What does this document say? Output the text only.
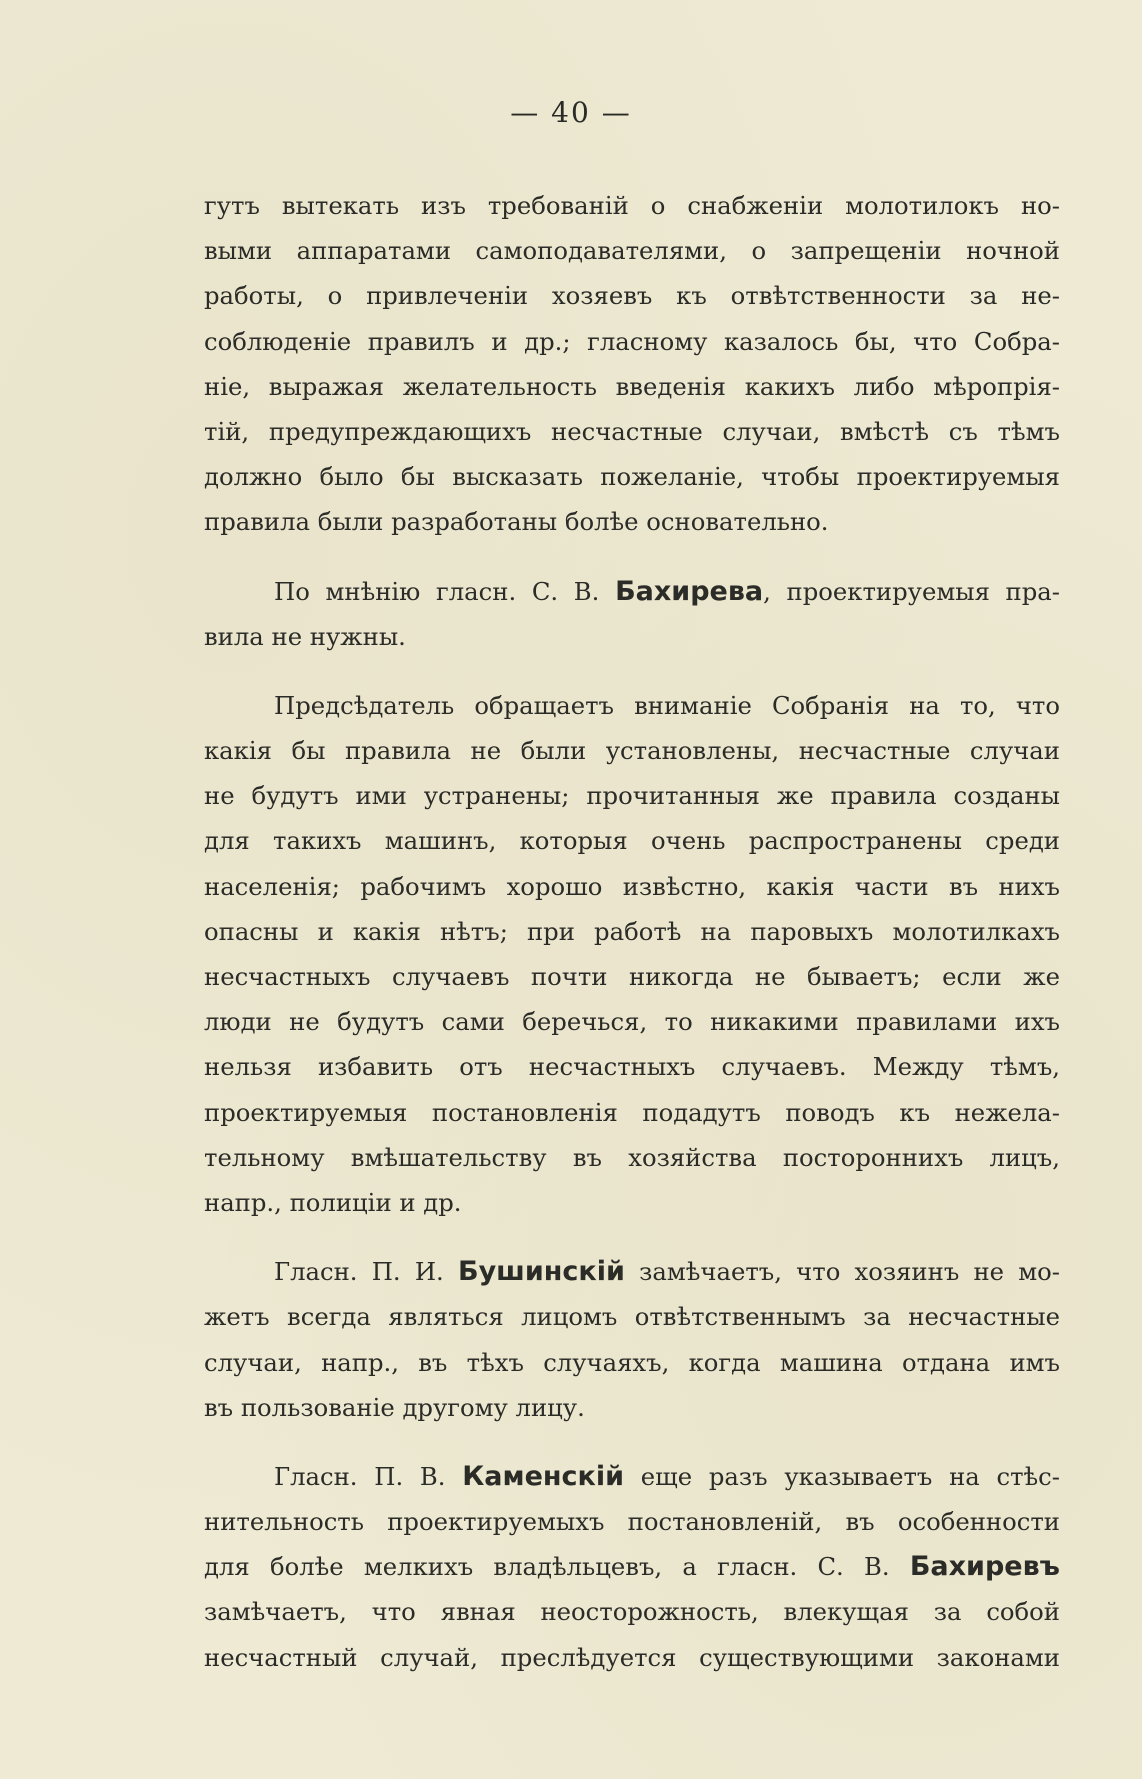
— 40 —
гутъ вытекать изъ требованій о снабженіи молотилокъ но-
выми аппаратами самоподавателями, о запрещеніи ночной
работы, о привлеченіи хозяевъ къ отвѣтственности за не-
соблюденіе правилъ и др.; гласному казалось бы, что Собра-
ніе, выражая желательность введенія какихъ либо мѣропрія-
тій, предупреждающихъ несчастные случаи, вмѣстѣ съ тѣмъ
должно было бы высказать пожеланіе, чтобы проектируемыя
правила были разработаны болѣе основательно.
По мнѣнію гласн. С. В. Бахирева, проектируемыя пра-
вила не нужны.
Предсѣдатель обращаетъ вниманіе Собранія на то, что
какія бы правила не были установлены, несчастные случаи
не будутъ ими устранены; прочитанныя же правила созданы
для такихъ машинъ, которыя очень распространены среди
населенія; рабочимъ хорошо извѣстно, какія части въ нихъ
опасны и какія нѣтъ; при работѣ на паровыхъ молотилкахъ
несчастныхъ случаевъ почти никогда не бываетъ; если же
люди не будутъ сами беречься, то никакими правилами ихъ
нельзя избавить отъ несчастныхъ случаевъ. Между тѣмъ,
проектируемыя постановленія подадутъ поводъ къ нежела-
тельному вмѣшательству въ хозяйства постороннихъ лицъ,
напр., полиціи и др.
Гласн. П. И. Бушинскій замѣчаетъ, что хозяинъ не мо-
жетъ всегда являться лицомъ отвѣтственнымъ за несчастные
случаи, напр., въ тѣхъ случаяхъ, когда машина отдана имъ
въ пользованіе другому лицу.
Гласн. П. В. Каменскій еще разъ указываетъ на стѣс-
нительность проектируемыхъ постановленій, въ особенности
для болѣе мелкихъ владѣльцевъ, а гласн. С. В. Бахиревъ
замѣчаетъ, что явная неосторожность, влекущая за собой
несчастный случай, преслѣдуется существующими законами
